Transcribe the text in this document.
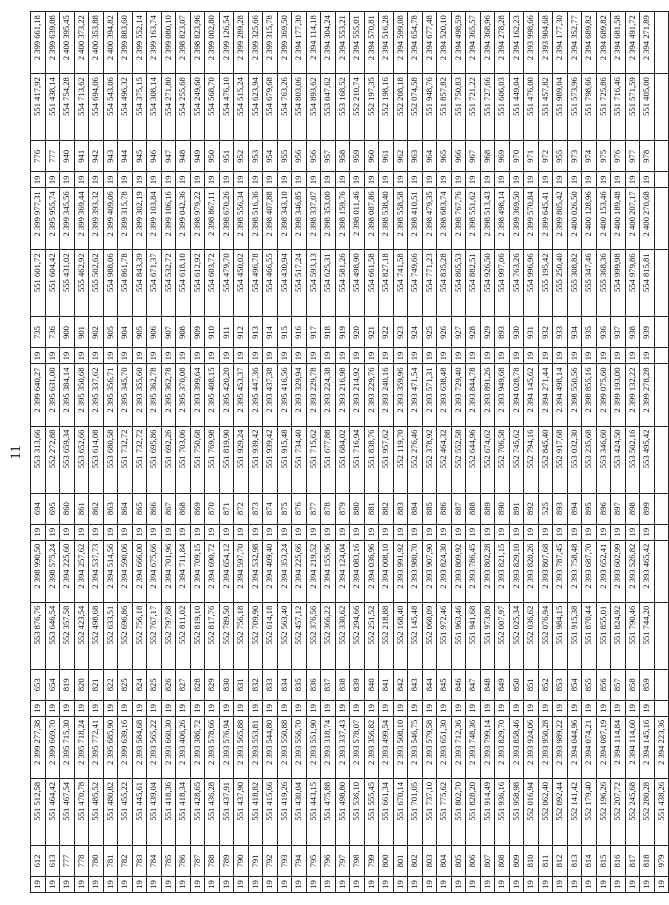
11
19	612	551 512,58	2 399 277,38	19	653	553 876,76	2 398 990,50	19	694	553 313,66	2 399 640,27	19	735	551 601,72	2 399 977,31	19	776	551 417,92	2 399 661,18
19	613	551 464,42	2 399 669,70	19	654	553 646,54	2 398 575,24	19	695	552 272,88	2 395 631,00	19	736	551 604,42	2 395 955,74	19	777	551 438,14	2 399 639,08
19	777	551 467,54	2 395 715,30	19	819	552 357,58	2 394 225,60	19	860	553 659,34	2 395 384,14	19	900	555 431,02	2 399 345,56	19	940	554 754,28	2 400 395,45
19	778	551 470,78	2 395 718,24	19	820	552 423,54	2 394 257,62	19	861	553 652,66	2 395 350,68	19	901	555 462,92	2 399 369,44	19	941	554 713,62	2 400 373,22
19	780	551 485,52	2 395 772,41	19	821	552 498,68	2 394 537,73	19	862	553 614,08	2 395 337,62	19	902	555 502,62	2 399 393,32	19	942	554 694,06	2 400 353,88
19	781	551 480,82	2 395 685,90	19	822	552 633,51	2 394 514,56	19	863	553 680,58	2 395 356,71	19	905	554 988,06	2 399 409,06	19	943	554 543,06	2 400 394,82
19	782	551 455,22	2 399 639,16	19	825	552 696,86	2 394 590,06	19	864	551 732,72	2 395 345,70	19	904	554 861,78	2 399 315,78	19	944	554 496,32	2 399 883,60
19	783	551 445,61	2 393 584,68	19	824	552 756,18	2 394 666,00	19	865	551 732,72	2 393 355,60	19	905	554 843,39	2 399 302,19	19	945	554 375,15	2 399 552,14
19	784	551 439,04	2 393 565,22	19	825	552 767,17	2 394 675,66	19	866	551 695,86	2 395 362,78	19	906	554 671,37	2 399 103,84	19	946	554 308,14	2 399 163,74
19	785	551 418,36	2 393 660,30	19	826	552 797,68	2 394 701,96	19	867	551 692,26	2 395 362,78	19	907	554 532,72	2 399 106,16	19	947	554 271,80	2 399 080,10
19	786	551 418,34	2 393 406,26	19	827	552 811,02	2 394 711,84	19	868	551 703,06	2 395 370,08	19	908	554 618,10	2 399 042,36	19	948	554 255,68	2 398 823,07
19	787	551 428,65	2 393 386,72	19	828	552 819,10	2 394 709,15	19	869	551 750,68	2 393 399,64	19	909	554 612,92	2 398 979,22	19	949	554 249,60	2 398 823,96
19	788	551 436,28	2 393 578,66	19	829	552 817,76	2 394 690,72	19	870	551 769,98	2 395 408,15	19	910	554 603,72	2 398 867,11	19	950	554 568,70	2 399 002,80
19	789	551 437,91	2 393 576,94	19	830	552 789,50	2 394 654,12	19	871	551 819,90	2 395 420,20	19	911	554 479,70	2 398 670,26	19	951	554 476,10	2 399 126,54
19	790	551 437,90	2 393 565,88	19	831	552 756,18	2 394 597,70	19	872	551 929,24	2 395 453,37	19	912	554 450,02	2 398 556,34	19	952	554 515,24	2 399 289,28
19	791	551 418,82	2 393 553,81	19	832	552 709,90	2 394 532,98	19	873	551 939,42	2 395 447,36	19	913	554 496,78	2 398 516,36	19	953	554 623,94	2 399 325,66
19	792	551 415,66	2 393 544,80	19	833	552 614,18	2 394 409,40	19	874	551 939,42	2 393 437,38	19	914	554 466,55	2 398 407,88	19	954	554 679,68	2 399 315,78
19	793	551 419,26	2 393 550,88	19	834	552 563,40	2 394 353,24	19	875	551 915,48	2 395 416,56	19	915	554 430,94	2 398 343,10	19	955	554 763,26	2 399 369,50
19	794	551 430,04	2 393 556,70	19	835	552 457,12	2 394 225,66	19	876	551 734,40	2 393 329,94	19	916	554 517,24	2 398 346,85	19	956	554 803,06	2 394 177,30
19	795	551 443,15	2 393 551,90	19	836	552 376,56	2 394 219,52	19	877	551 715,62	2 393 229,78	19	917	554 593,13	2 398 337,07	19	956	554 893,62	2 394 114,18
19	796	551 475,88	2 393 318,74	19	837	552 366,22	2 394 155,96	19	878	551 677,88	2 393 224,38	19	918	554 625,31	2 398 353,00	19	957	553 047,62	2 394 304,24
19	797	551 498,80	2 393 337,43	19	838	552 330,62	2 394 124,04	19	879	551 684,02	2 393 216,98	19	919	554 581,26	2 398 159,76	19	958	553 168,52	2 394 553,21
19	798	551 536,10	2 393 578,07	19	839	552 294,66	2 394 083,16	19	880	551 716,94	2 393 214,92	19	920	554 498,90	2 398 011,46	19	959	552 210,74	2 394 555,01
19	799	551 555,45	2 393 356,82	19	840	552 251,52	2 394 036,96	19	881	551 838,76	2 393 229,76	19	921	554 661,58	2 398 087,86	19	960	552 197,35	2 394 570,81
19	800	551 661,34	2 393 499,54	19	841	552 218,88	2 394 008,10	19	882	551 957,62	2 393 240,16	19	922	554 827,18	2 398 538,40	19	961	552 198,16	2 394 516,28
19	801	551 670,14	2 393 508,10	19	842	552 168,40	2 393 991,92	19	883	552 119,70	2 393 359,96	19	923	554 741,58	2 398 558,58	19	962	552 208,18	2 394 599,08
19	802	551 701,05	2 393 546,75	19	843	552 145,48	2 393 980,70	19	884	552 276,46	2 393 471,54	19	924	554 749,66	2 398 410,51	19	963	552 074,58	2 394 654,78
19	803	551 737,10	2 393 579,58	19	844	552 060,09	2 393 907,90	19	885	552 378,92	2 393 571,31	19	925	554 771,23	2 398 479,35	19	964	551 948,76	2 394 677,48
19	804	551 775,62	2 393 651,30	19	845	551 972,46	2 393 824,30	19	886	552 464,32	2 393 638,48	19	926	554 835,28	2 398 683,74	19	965	551 857,82	2 394 520,10
19	805	551 802,70	2 393 712,36	19	846	551 963,46	2 393 809,92	19	887	552 552,58	2 393 729,40	19	927	554 865,53	2 398 767,76	19	966	551 750,83	2 394 498,59
19	806	551 828,20	2 393 748,36	19	847	551 941,68	2 393 786,45	19	888	552 644,96	2 393 844,78	19	928	554 882,51	2 398 551,62	19	967	551 721,22	2 394 365,57
19	807	551 914,49	2 393 799,14	19	848	551 973,80	2 393 802,28	19	889	552 674,62	2 393 891,26	19	929	554 926,50	2 398 513,43	19	968	551 727,66	2 394 368,96
19	808	551 936,16	2 393 829,70	19	849	552 007,97	2 393 821,15	19	890	552 706,58	2 393 949,68	19	893	554 997,06	2 398 498,14	19	969	551 606,03	2 394 278,28
19	809	551 958,98	2 393 858,46	19	850	552 025,34	2 393 829,10	19	891	552 745,62	2 394 028,78	19	930	554 763,26	2 399 369,50	19	970	551 449,04	2 394 162,23
19	810	552 016,94	2 393 924,06	19	851	552 036,62	2 393 820,26	19	892	552 794,16	2 394 145,62	19	931	554 996,96	2 399 570,84	19	971	551 476,00	2 393 998,66
19	811	552 062,40	2 393 950,28	19	852	552 076,94	2 393 807,68	19	525	552 845,40	2 394 271,44	19	932	555 195,42	2 399 645,41	19	972	551 457,82	2 393 904,68
19	812	552 092,44	2 393 989,22	19	853	551 984,15	2 393 787,45	19	893	552 917,68	2 394 498,14	19	933	555 250,40	2 399 805,42	19	955	551 989,04	2 394 177,30
19	813	552 141,42	2 394 044,96	19	854	551 915,38	2 393 758,48	19	894	553 032,30	2 398 550,56	19	934	555 308,82	2 400 026,50	19	973	551 573,96	2 394 352,77
19	814	552 179,40	2 394 074,21	19	855	551 870,44	2 393 687,70	19	895	553 235,68	2 398 855,16	19	935	555 347,46	2 400 128,96	19	974	551 798,66	2 394 689,82
19	815	552 196,26	2 394 087,19	19	856	551 855,01	2 393 652,41	19	896	553 346,60	2 399 075,60	19	936	555 368,36	2 400 153,46	19	975	551 725,86	2 394 689,82
19	816	552 207,72	2 394 114,84	19	857	551 824,92	2 393 602,99	19	897	553 424,50	2 399 193,00	19	937	554 999,98	2 400 189,48	19	976	551 716,46	2 394 681,58
19	817	552 245,68	2 394 114,60	19	858	551 790,46	2 393 526,82	19	898	553 502,16	2 399 132,22	19	938	554 979,86	2 400 207,17	19	977	551 571,59	2 394 491,72
19	818	552 280,28	2 394 145,16	19	859	551 744,20	2 393 465,42	19	899	553 495,42	2 399 278,28	19	939	554 815,81	2 400 270,68	19	978	551 405,00	2 394 271,89
19	979	551 438,26	2 394 223,36																
